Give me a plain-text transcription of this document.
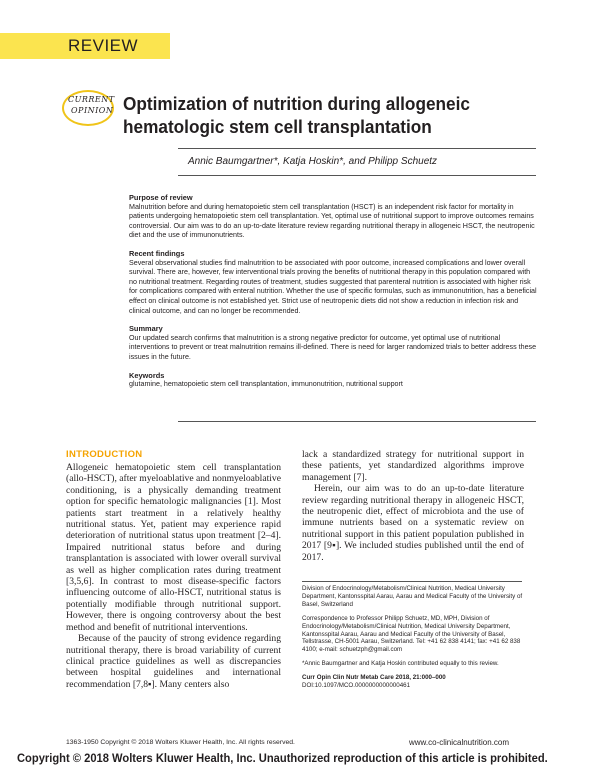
REVIEW
CURRENT
OPINION Optimization of nutrition during allogeneic hematologic stem cell transplantation
Annic Baumgartner*, Katja Hoskin*, and Philipp Schuetz
Purpose of review

Malnutrition before and during hematopoietic stem cell transplantation (HSCT) is an independent risk factor for mortality in patients undergoing hematopoietic stem cell transplantation. Yet, optimal use of nutritional support to improve outcomes remains controversial. Our aim was to do an up-to-date literature review regarding nutritional therapy in allogeneic HSCT, the neutropenic diet and the use of immunonutrients.

Recent findings

Several observational studies find malnutrition to be associated with poor outcome, increased complications and lower overall survival. There are, however, few interventional trials proving the benefits of nutritional therapy in this population compared with no nutritional treatment. Regarding routes of treatment, studies suggested that parenteral nutrition is associated with higher risk for complications compared with enteral nutrition. Whether the use of specific formulas, such as immunonutrition, has a beneficial effect on clinical outcome is not established yet. Strict use of neutropenic diets did not show a reduction in infection risk and clinical outcome, and can no longer be recommended.

Summary

Our updated search confirms that malnutrition is a strong negative predictor for outcome, yet optimal use of nutritional interventions to prevent or treat malnutrition remains ill-defined. There is need for larger randomized trials to better address these issues in the future.

Keywords

glutamine, hematopoietic stem cell transplantation, immunonutrition, nutritional support

INTRODUCTION

Allogeneic hematopoietic stem cell transplantation (allo-HSCT), after myeloablative and nonmyeloablative conditioning, is a physically demanding treatment option for specific hematologic malignancies [1]. Most patients start treatment in a relatively healthy nutritional status. Yet, patient may experience rapid deterioration of nutritional status upon treatment [2–4]. Impaired nutritional status before and during transplantation is associated with lower overall survival as well as higher complication rates during treatment [3,5,6]. In contrast to most disease-specific factors influencing outcome of allo-HSCT, nutritional status is potentially modifiable through nutritional support. However, there is ongoing controversy about the best method and benefit of nutritional interventions.

Because of the paucity of strong evidence regarding nutritional therapy, there is broad variability of current clinical practice guidelines as well as discrepancies between hospital guidelines and international recommendation [7,8▪]. Many centers also

lack a standardized strategy for nutritional support in these patients, yet standardized algorithms improve management [7].

Herein, our aim was to do an up-to-date literature review regarding nutritional therapy in allogeneic HSCT, the neutropenic diet, effect of microbiota and the use of immune nutrients based on a systematic review on nutritional support in this patient population published in 2017 [9▪]. We included studies published until the end of 2017.

Division of Endocrinology/Metabolism/Clinical Nutrition, Medical University Department, Kantonsspital Aarau, Aarau and Medical Faculty of the University of Basel, Switzerland

Correspondence to Professor Philipp Schuetz, MD, MPH, Division of Endocrinology/Metabolism/Clinical Nutrition, Medical University Department, Kantonsspital Aarau, Aarau and Medical Faculty of the University of Basel, Tellstrasse, CH-5001 Aarau, Switzerland. Tel: +41 62 838 4141; fax: +41 62 838 4100; e-mail: schuetzph@gmail.com

*Annic Baumgartner and Katja Hoskin contributed equally to this review.

Curr Opin Clin Nutr Metab Care 2018, 21:000–000

DOI:10.1097/MCO.0000000000000461

1363-1950 Copyright © 2018 Wolters Kluwer Health, Inc. All rights reserved.	www.co-clinicalnutrition.com
Copyright © 2018 Wolters Kluwer Health, Inc. Unauthorized reproduction of this article is prohibited.
